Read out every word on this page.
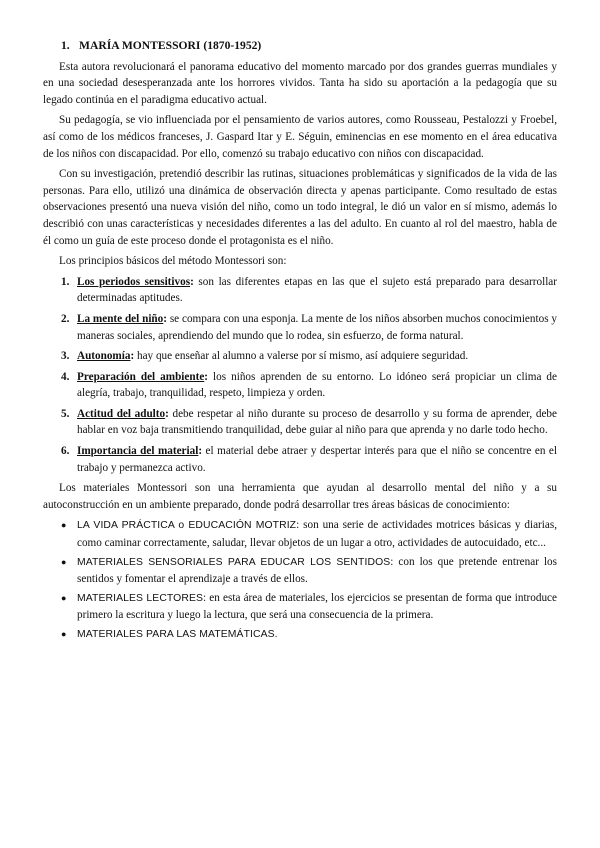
1. MARÍA MONTESSORI (1870-1952)

Esta autora revolucionará el panorama educativo del momento marcado por dos grandes guerras mundiales y en una sociedad desesperanzada ante los horrores vividos. Tanta ha sido su aportación a la pedagogía que su legado continúa en el paradigma educativo actual.

Su pedagogía, se vio influenciada por el pensamiento de varios autores, como Rousseau, Pestalozzi y Froebel, así como de los médicos franceses, J. Gaspard Itar y E. Séguin, eminencias en ese momento en el área educativa de los niños con discapacidad. Por ello, comenzó su trabajo educativo con niños con discapacidad.

Con su investigación, pretendió describir las rutinas, situaciones problemáticas y significados de la vida de las personas. Para ello, utilizó una dinámica de observación directa y apenas participante. Como resultado de estas observaciones presentó una nueva visión del niño, como un todo integral, le dió un valor en sí mismo, además lo describió con unas características y necesidades diferentes a las del adulto. En cuanto al rol del maestro, habla de él como un guía de este proceso donde el protagonista es el niño.

Los principios básicos del método Montessori son:

1. Los periodos sensitivos: son las diferentes etapas en las que el sujeto está preparado para desarrollar determinadas aptitudes.
2. La mente del niño: se compara con una esponja. La mente de los niños absorben muchos conocimientos y maneras sociales, aprendiendo del mundo que lo rodea, sin esfuerzo, de forma natural.
3. Autonomía: hay que enseñar al alumno a valerse por sí mismo, así adquiere seguridad.
4. Preparación del ambiente: los niños aprenden de su entorno. Lo idóneo será propiciar un clima de alegría, trabajo, tranquilidad, respeto, limpieza y orden.
5. Actitud del adulto: debe respetar al niño durante su proceso de desarrollo y su forma de aprender, debe hablar en voz baja transmitiendo tranquilidad, debe guiar al niño para que aprenda y no darle todo hecho.
6. Importancia del material: el material debe atraer y despertar interés para que el niño se concentre en el trabajo y permanezca activo.

Los materiales Montessori son una herramienta que ayudan al desarrollo mental del niño y a su autoconstrucción en un ambiente preparado, donde podrá desarrollar tres áreas básicas de conocimiento:

●	LA VIDA PRÁCTICA o EDUCACIÓN MOTRIZ: son una serie de actividades motrices básicas y diarias, como caminar correctamente, saludar, llevar objetos de un lugar a otro, actividades de autocuidado, etc...
●	MATERIALES SENSORIALES PARA EDUCAR LOS SENTIDOS: con los que pretende entrenar los sentidos y fomentar el aprendizaje a través de ellos.
●	MATERIALES LECTORES: en esta área de materiales, los ejercicios se presentan de forma que introduce primero la escritura y luego la lectura, que será una consecuencia de la primera.
●	MATERIALES PARA LAS MATEMÁTICAS.
